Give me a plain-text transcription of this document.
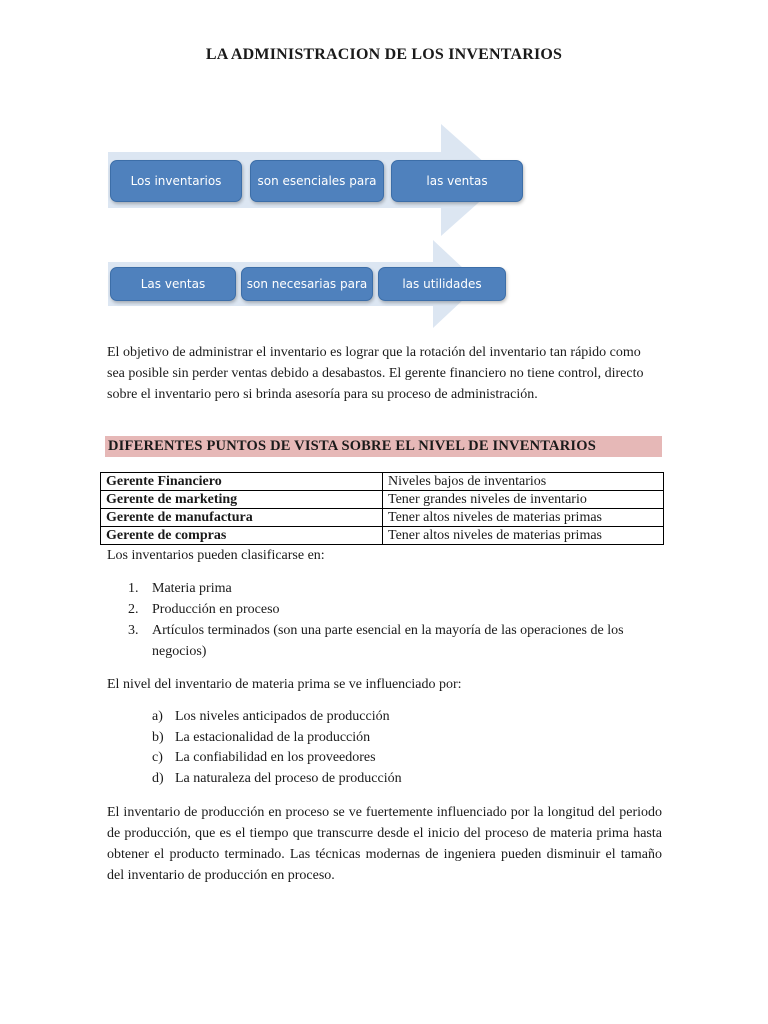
LA ADMINISTRACION DE LOS INVENTARIOS
Los inventarios	son esenciales para	las ventas
Las ventas	son necesarias para	las utilidades

El objetivo de administrar el inventario es lograr que la rotación del inventario tan rápido como sea posible sin perder ventas debido a desabastos. El gerente financiero no tiene control, directo sobre el inventario pero si brinda asesoría para su proceso de administración.

DIFERENTES PUNTOS DE VISTA SOBRE EL NIVEL DE INVENTARIOS
Gerente Financiero	Niveles bajos de inventarios
Gerente de marketing	Tener grandes niveles de inventario
Gerente de manufactura	Tener altos niveles de materias primas
Gerente de compras	Tener altos niveles de materias primas

Los inventarios pueden clasificarse en:

1. Materia prima
2. Producción en proceso
3. Artículos terminados (son una parte esencial en la mayoría de las operaciones de los negocios)

El nivel del inventario de materia prima se ve influenciado por:

a) Los niveles anticipados de producción
b) La estacionalidad de la producción
c) La confiabilidad en los proveedores
d) La naturaleza del proceso de producción

El inventario de producción en proceso se ve fuertemente influenciado por la longitud del periodo de producción, que es el tiempo que transcurre desde el inicio del proceso de materia prima hasta obtener el producto terminado. Las técnicas modernas de ingeniera pueden disminuir el tamaño del inventario de producción en proceso.
